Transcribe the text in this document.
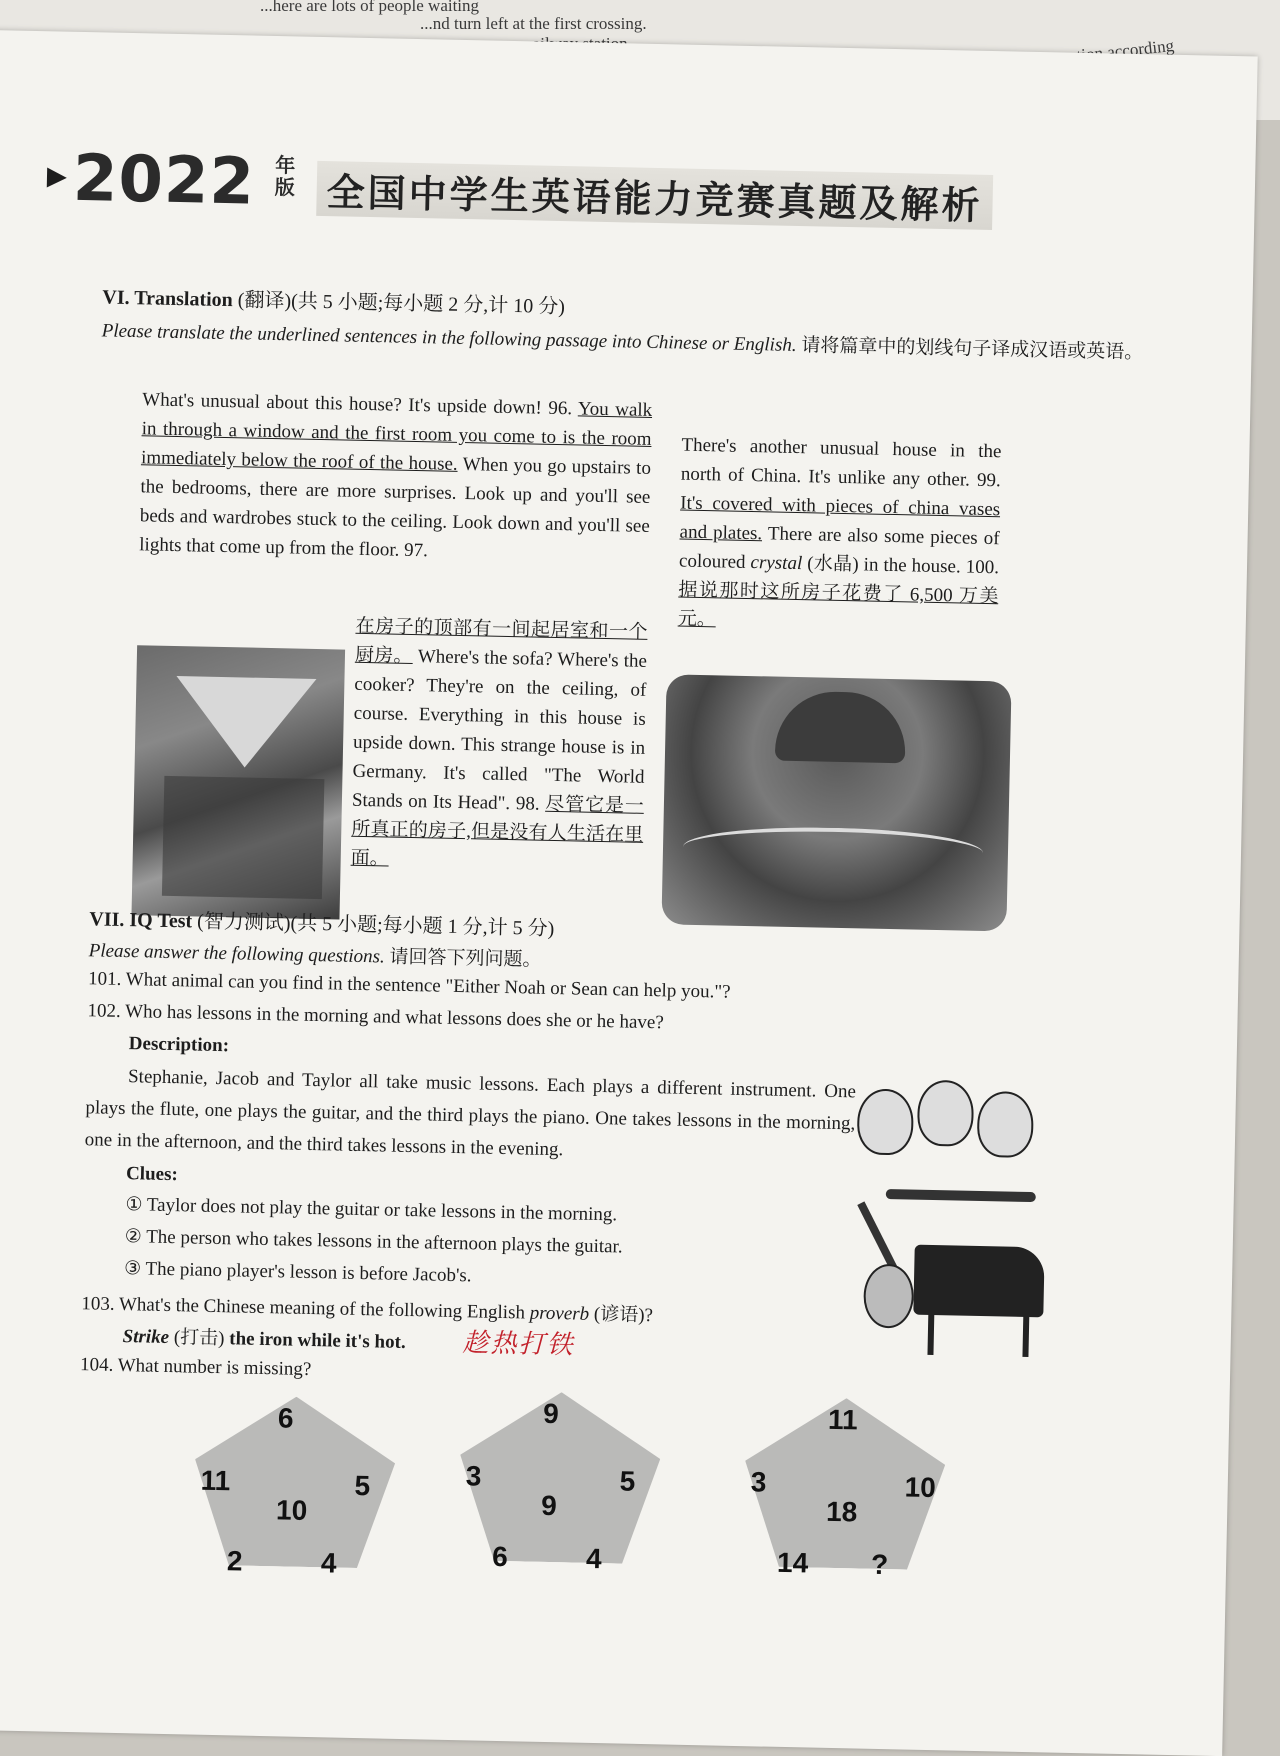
...here are lots of people waiting
...nd turn left at the first crossing.
▶ 2022 年版 全国中学生英语能力竞赛真题及解析
VI. Translation (翻译)(共 5 小题;每小题 2 分,计 10 分)
Please translate the underlined sentences in the following passage into Chinese or English. 请将篇章中的划线句子译成汉语或英语。
What's unusual about this house? It's upside down! 96. You walk in through a window and the first room you come to is the room immediately below the roof of the house. When you go upstairs to the bedrooms, there are more surprises. Look up and you'll see beds and wardrobes stuck to the ceiling. Look down and you'll see lights that come up from the floor. 97.
在房子的顶部有一间起居室和一个厨房。 Where's the sofa? Where's the cooker? They're on the ceiling, of course. Everything in this house is upside down. This strange house is in Germany. It's called "The World Stands on Its Head". 98. 尽管它是一所真正的房子,但是没有人生活在里面。
There's another unusual house in the north of China. It's unlike any other. 99. It's covered with pieces of china vases and plates. There are also some pieces of coloured crystal (水晶) in the house. 100. 据说那时这所房子花费了 6,500 万美元。
VII. IQ Test (智力测试)(共 5 小题;每小题 1 分,计 5 分)
Please answer the following questions. 请回答下列问题。
101. What animal can you find in the sentence "Either Noah or Sean can help you."?
102. Who has lessons in the morning and what lessons does she or he have?
Description:
Stephanie, Jacob and Taylor all take music lessons. Each plays a different instrument. One plays the flute, one plays the guitar, and the third plays the piano. One takes lessons in the morning, one in the afternoon, and the third takes lessons in the evening.
Clues:
① Taylor does not play the guitar or take lessons in the morning.
② The person who takes lessons in the afternoon plays the guitar.
③ The piano player's lesson is before Jacob's.
103. What's the Chinese meaning of the following English proverb (谚语)?
Strike (打击) the iron while it's hot. 趁热打铁
104. What number is missing?
6
11	5
10
2	4
9
3	5
9
6	4
11
3	10
18
14 ?
